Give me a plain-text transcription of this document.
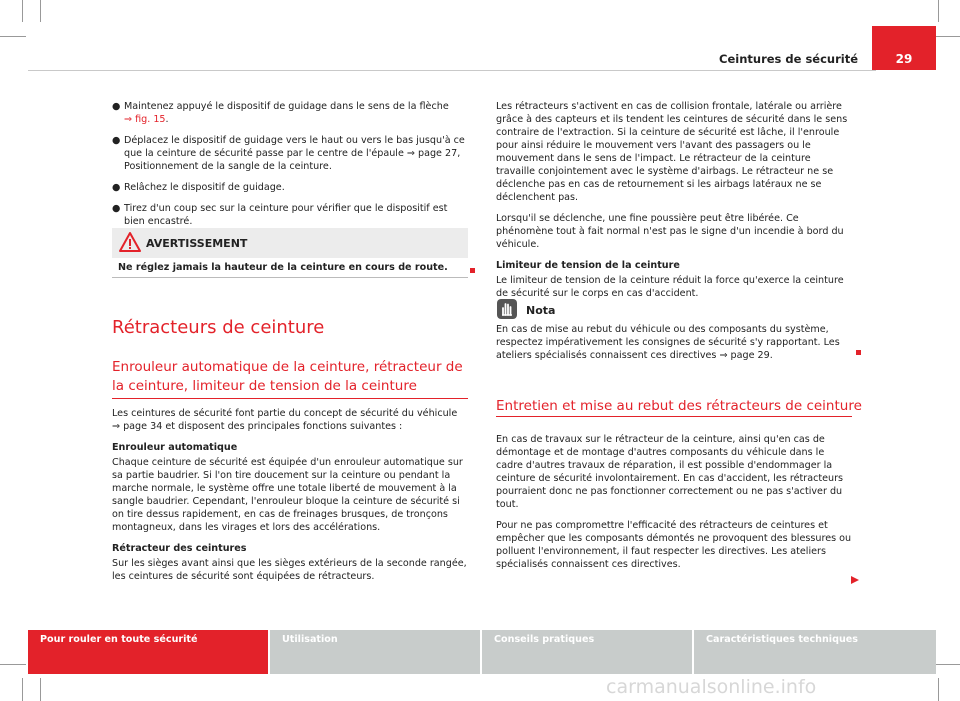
Ceintures de sécurité	29
● Maintenez appuyé le dispositif de guidage dans le sens de la flèche
⇒ fig. 15.
● Déplacez le dispositif de guidage vers le haut ou vers le bas jusqu'à ce que la ceinture de sécurité passe par le centre de l'épaule ⇒ page 27, Positionnement de la sangle de la ceinture.
● Relâchez le dispositif de guidage.
● Tirez d'un coup sec sur la ceinture pour vérifier que le dispositif est bien encastré.
AVERTISSEMENT
Ne réglez jamais la hauteur de la ceinture en cours de route.
Rétracteurs de ceinture
Enrouleur automatique de la ceinture, rétracteur de la ceinture, limiteur de tension de la ceinture

Les ceintures de sécurité font partie du concept de sécurité du véhicule ⇒ page 34 et disposent des principales fonctions suivantes :

Enrouleur automatique

Chaque ceinture de sécurité est équipée d'un enrouleur automatique sur sa partie baudrier. Si l'on tire doucement sur la ceinture ou pendant la marche normale, le système offre une totale liberté de mouvement à la sangle baudrier. Cependant, l'enrouleur bloque la ceinture de sécurité si on tire dessus rapidement, en cas de freinages brusques, de tronçons montagneux, dans les virages et lors des accélérations.

Rétracteur des ceintures

Sur les sièges avant ainsi que les sièges extérieurs de la seconde rangée, les ceintures de sécurité sont équipées de rétracteurs.

Les rétracteurs s'activent en cas de collision frontale, latérale ou arrière grâce à des capteurs et ils tendent les ceintures de sécurité dans le sens contraire de l'extraction. Si la ceinture de sécurité est lâche, il l'enroule pour ainsi réduire le mouvement vers l'avant des passagers ou le mouvement dans le sens de l'impact. Le rétracteur de la ceinture travaille conjointement avec le système d'airbags. Le rétracteur ne se déclenche pas en cas de retournement si les airbags latéraux ne se déclenchent pas.

Lorsqu'il se déclenche, une fine poussière peut être libérée. Ce phénomène tout à fait normal n'est pas le signe d'un incendie à bord du véhicule.

Limiteur de tension de la ceinture

Le limiteur de tension de la ceinture réduit la force qu'exerce la ceinture de sécurité sur le corps en cas d'accident.

Nota

En cas de mise au rebut du véhicule ou des composants du système, respectez impérativement les consignes de sécurité s'y rapportant. Les ateliers spécialisés connaissent ces directives ⇒ page 29.

Entretien et mise au rebut des rétracteurs de ceinture

En cas de travaux sur le rétracteur de la ceinture, ainsi qu'en cas de démontage et de montage d'autres composants du véhicule dans le cadre d'autres travaux de réparation, il est possible d'endommager la ceinture de sécurité involontairement. En cas d'accident, les rétracteurs pourraient donc ne pas fonctionner correctement ou ne pas s'activer du tout.

Pour ne pas compromettre l'efficacité des rétracteurs de ceintures et empêcher que les composants démontés ne provoquent des blessures ou polluent l'environnement, il faut respecter les directives. Les ateliers spécialisés connaissent ces directives.

Pour rouler en toute sécurité	Utilisation	Conseils pratiques	Caractéristiques techniques
carmanualsonline.info
